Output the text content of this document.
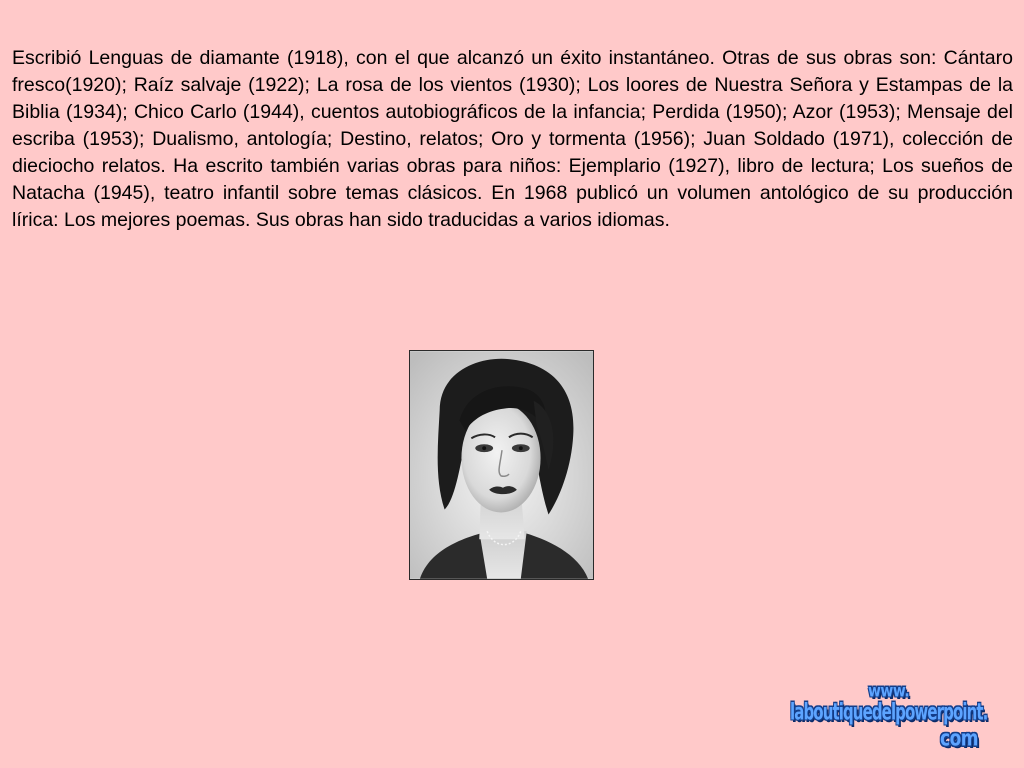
Escribió Lenguas de diamante (1918), con el que alcanzó un éxito instantáneo. Otras de sus obras son: Cántaro fresco(1920); Raíz salvaje (1922); La rosa de los vientos (1930); Los loores de Nuestra Señora y Estampas de la Biblia (1934); Chico Carlo (1944), cuentos autobiográficos de la infancia; Perdida (1950); Azor (1953); Mensaje del escriba (1953); Dualismo, antología; Destino, relatos; Oro y tormenta (1956); Juan Soldado (1971), colección de dieciocho relatos. Ha escrito también varias obras para niños: Ejemplario (1927), libro de lectura; Los sueños de Natacha (1945), teatro infantil sobre temas clásicos. En 1968 publicó un volumen antológico de su producción lírica: Los mejores poemas. Sus obras han sido traducidas a varios idiomas.

www.
laboutiquedelpowerpoint.
com
